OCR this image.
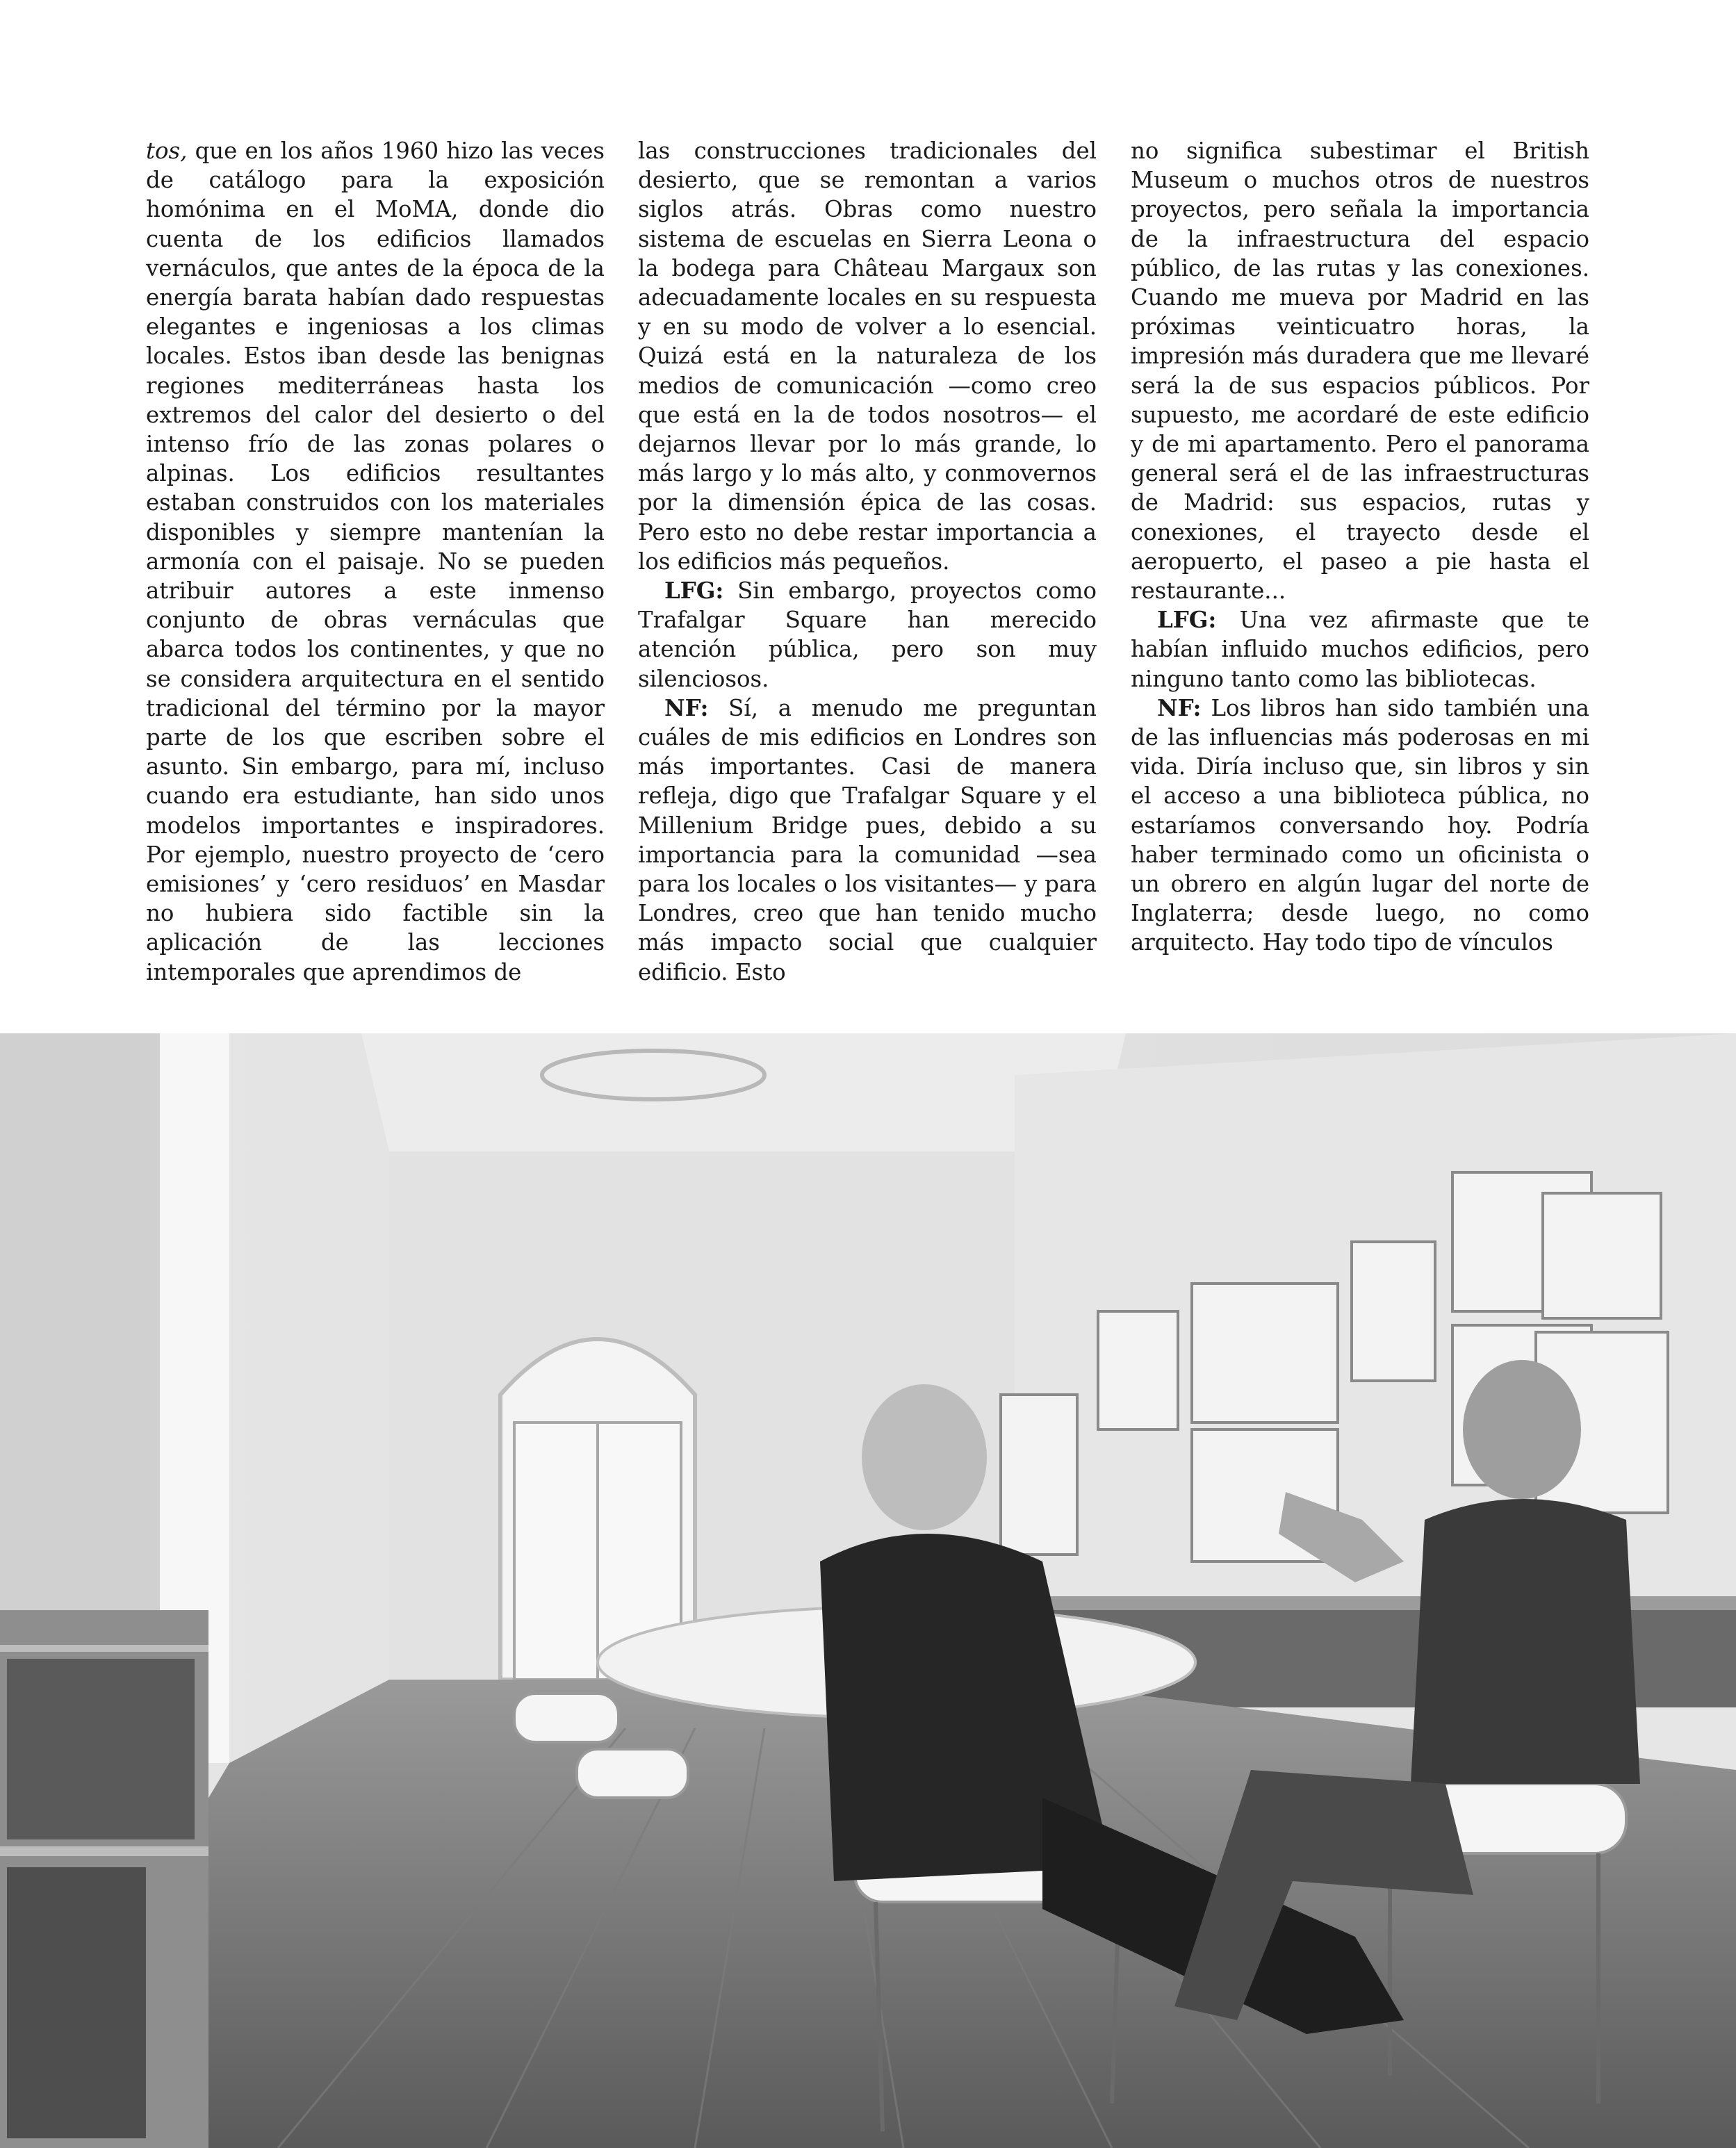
tos, que en los años 1960 hizo las veces de catálogo para la exposición homónima en el MoMA, donde dio cuenta de los edificios llamados vernáculos, que antes de la época de la energía barata habían dado respuestas elegantes e ingeniosas a los climas locales. Estos iban desde las benignas regiones mediterráneas hasta los extremos del calor del desierto o del intenso frío de las zonas polares o alpinas. Los edificios resultantes estaban construidos con los materiales disponibles y siempre mantenían la armonía con el paisaje. No se pueden atribuir autores a este inmenso conjunto de obras vernáculas que abarca todos los continentes, y que no se considera arquitectura en el sentido tradicional del término por la mayor parte de los que escriben sobre el asunto. Sin embargo, para mí, incluso cuando era estudiante, han sido unos modelos importantes e inspiradores. Por ejemplo, nuestro proyecto de ‘cero emisiones’ y ‘cero residuos’ en Masdar no hubiera sido factible sin la aplicación de las lecciones intemporales que aprendimos de

las construcciones tradicionales del desierto, que se remontan a varios siglos atrás. Obras como nuestro sistema de escuelas en Sierra Leona o la bodega para Château Margaux son adecuadamente locales en su respuesta y en su modo de volver a lo esencial. Quizá está en la naturaleza de los medios de comunicación —como creo que está en la de todos nosotros— el dejarnos llevar por lo más grande, lo más largo y lo más alto, y conmovernos por la dimensión épica de las cosas. Pero esto no debe restar importancia a los edificios más pequeños.

LFG: Sin embargo, proyectos como Trafalgar Square han merecido atención pública, pero son muy silenciosos.

NF: Sí, a menudo me preguntan cuáles de mis edificios en Londres son más importantes. Casi de manera refleja, digo que Trafalgar Square y el Millenium Bridge pues, debido a su importancia para la comunidad —sea para los locales o los visitantes— y para Londres, creo que han tenido mucho más impacto social que cualquier edificio. Esto

no significa subestimar el British Museum o muchos otros de nuestros proyectos, pero señala la importancia de la infraestructura del espacio público, de las rutas y las conexiones. Cuando me mueva por Madrid en las próximas veinticuatro horas, la impresión más duradera que me llevaré será la de sus espacios públicos. Por supuesto, me acordaré de este edificio y de mi apartamento. Pero el panorama general será el de las infraestructuras de Madrid: sus espacios, rutas y conexiones, el trayecto desde el aeropuerto, el paseo a pie hasta el restaurante...

LFG: Una vez afirmaste que te habían influido muchos edificios, pero ninguno tanto como las bibliotecas.

NF: Los libros han sido también una de las influencias más poderosas en mi vida. Diría incluso que, sin libros y sin el acceso a una biblioteca pública, no estaríamos conversando hoy. Podría haber terminado como un oficinista o un obrero en algún lugar del norte de Inglaterra; desde luego, no como arquitecto. Hay todo tipo de vínculos
